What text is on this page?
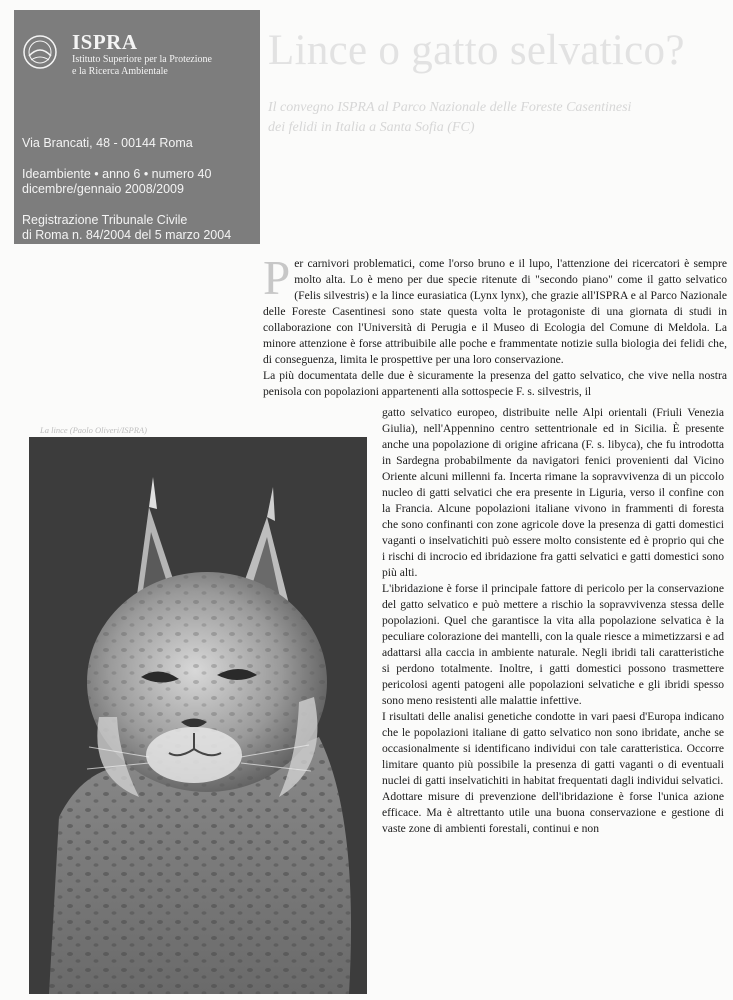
ISPRA
Istituto Superiore per la Protezione
e la Ricerca Ambientale
Via Brancati, 48 - 00144 Roma
Ideambiente • anno 6 • numero 40
dicembre/gennaio 2008/2009
Registrazione Tribunale Civile
di Roma n. 84/2004 del 5 marzo 2004
Lince o gatto selvatico?
Il convegno ISPRA al Parco Nazionale delle Foreste Casentinesi
dei felidi in Italia a Santa Sofia (FC)

Per carnivori problematici, come l'orso bruno e il lupo, l'attenzione dei ricercatori è sempre molto alta. Lo è meno per due specie ritenute di "secondo piano" come il gatto selvatico (Felis silvestris) e la lince eurasiatica (Lynx lynx), che grazie all'ISPRA e al Parco Nazionale delle Foreste Casentinesi sono state questa volta le protagoniste di una giornata di studi in collaborazione con l'Università di Perugia e il Museo di Ecologia del Comune di Meldola. La minore attenzione è forse attribuibile alle poche e frammentate notizie sulla biologia dei felidi che, di conseguenza, limita le prospettive per una loro conservazione.

La più documentata delle due è sicuramente la presenza del gatto selvatico, che vive nella nostra penisola con popolazioni appartenenti alla sottospecie F. s. silvestris, il

gatto selvatico europeo, distribuite nelle Alpi orientali (Friuli Venezia Giulia), nell'Appennino centro settentrionale ed in Sicilia. È presente anche una popolazione di origine africana (F. s. libyca), che fu introdotta in Sardegna probabilmente da navigatori fenici provenienti dal Vicino Oriente alcuni millenni fa. Incerta rimane la sopravvivenza di un piccolo nucleo di gatti selvatici che era presente in Liguria, verso il confine con la Francia. Alcune popolazioni italiane vivono in frammenti di foresta che sono confinanti con zone agricole dove la presenza di gatti domestici vaganti o inselvatichiti può essere molto consistente ed è proprio qui che i rischi di incrocio ed ibridazione fra gatti selvatici e gatti domestici sono più alti.

L'ibridazione è forse il principale fattore di pericolo per la conservazione del gatto selvatico e può mettere a rischio la sopravvivenza stessa delle popolazioni. Quel che garantisce la vita alla popolazione selvatica è la peculiare colorazione dei mantelli, con la quale riesce a mimetizzarsi e ad adattarsi alla caccia in ambiente naturale. Negli ibridi tali caratteristiche si perdono totalmente. Inoltre, i gatti domestici possono trasmettere pericolosi agenti patogeni alle popolazioni selvatiche e gli ibridi spesso sono meno resistenti alle malattie infettive.

I risultati delle analisi genetiche condotte in vari paesi d'Europa indicano che le popolazioni italiane di gatto selvatico non sono ibridate, anche se occasionalmente si identificano individui con tale caratteristica. Occorre limitare quanto più possibile la presenza di gatti vaganti o di eventuali nuclei di gatti inselvatichiti in habitat frequentati dagli individui selvatici.

Adottare misure di prevenzione dell'ibridazione è forse l'unica azione efficace. Ma è altrettanto utile una buona conservazione e gestione di vaste zone di ambienti forestali, continui e non

La lince (Paolo Oliveri/ISPRA)
